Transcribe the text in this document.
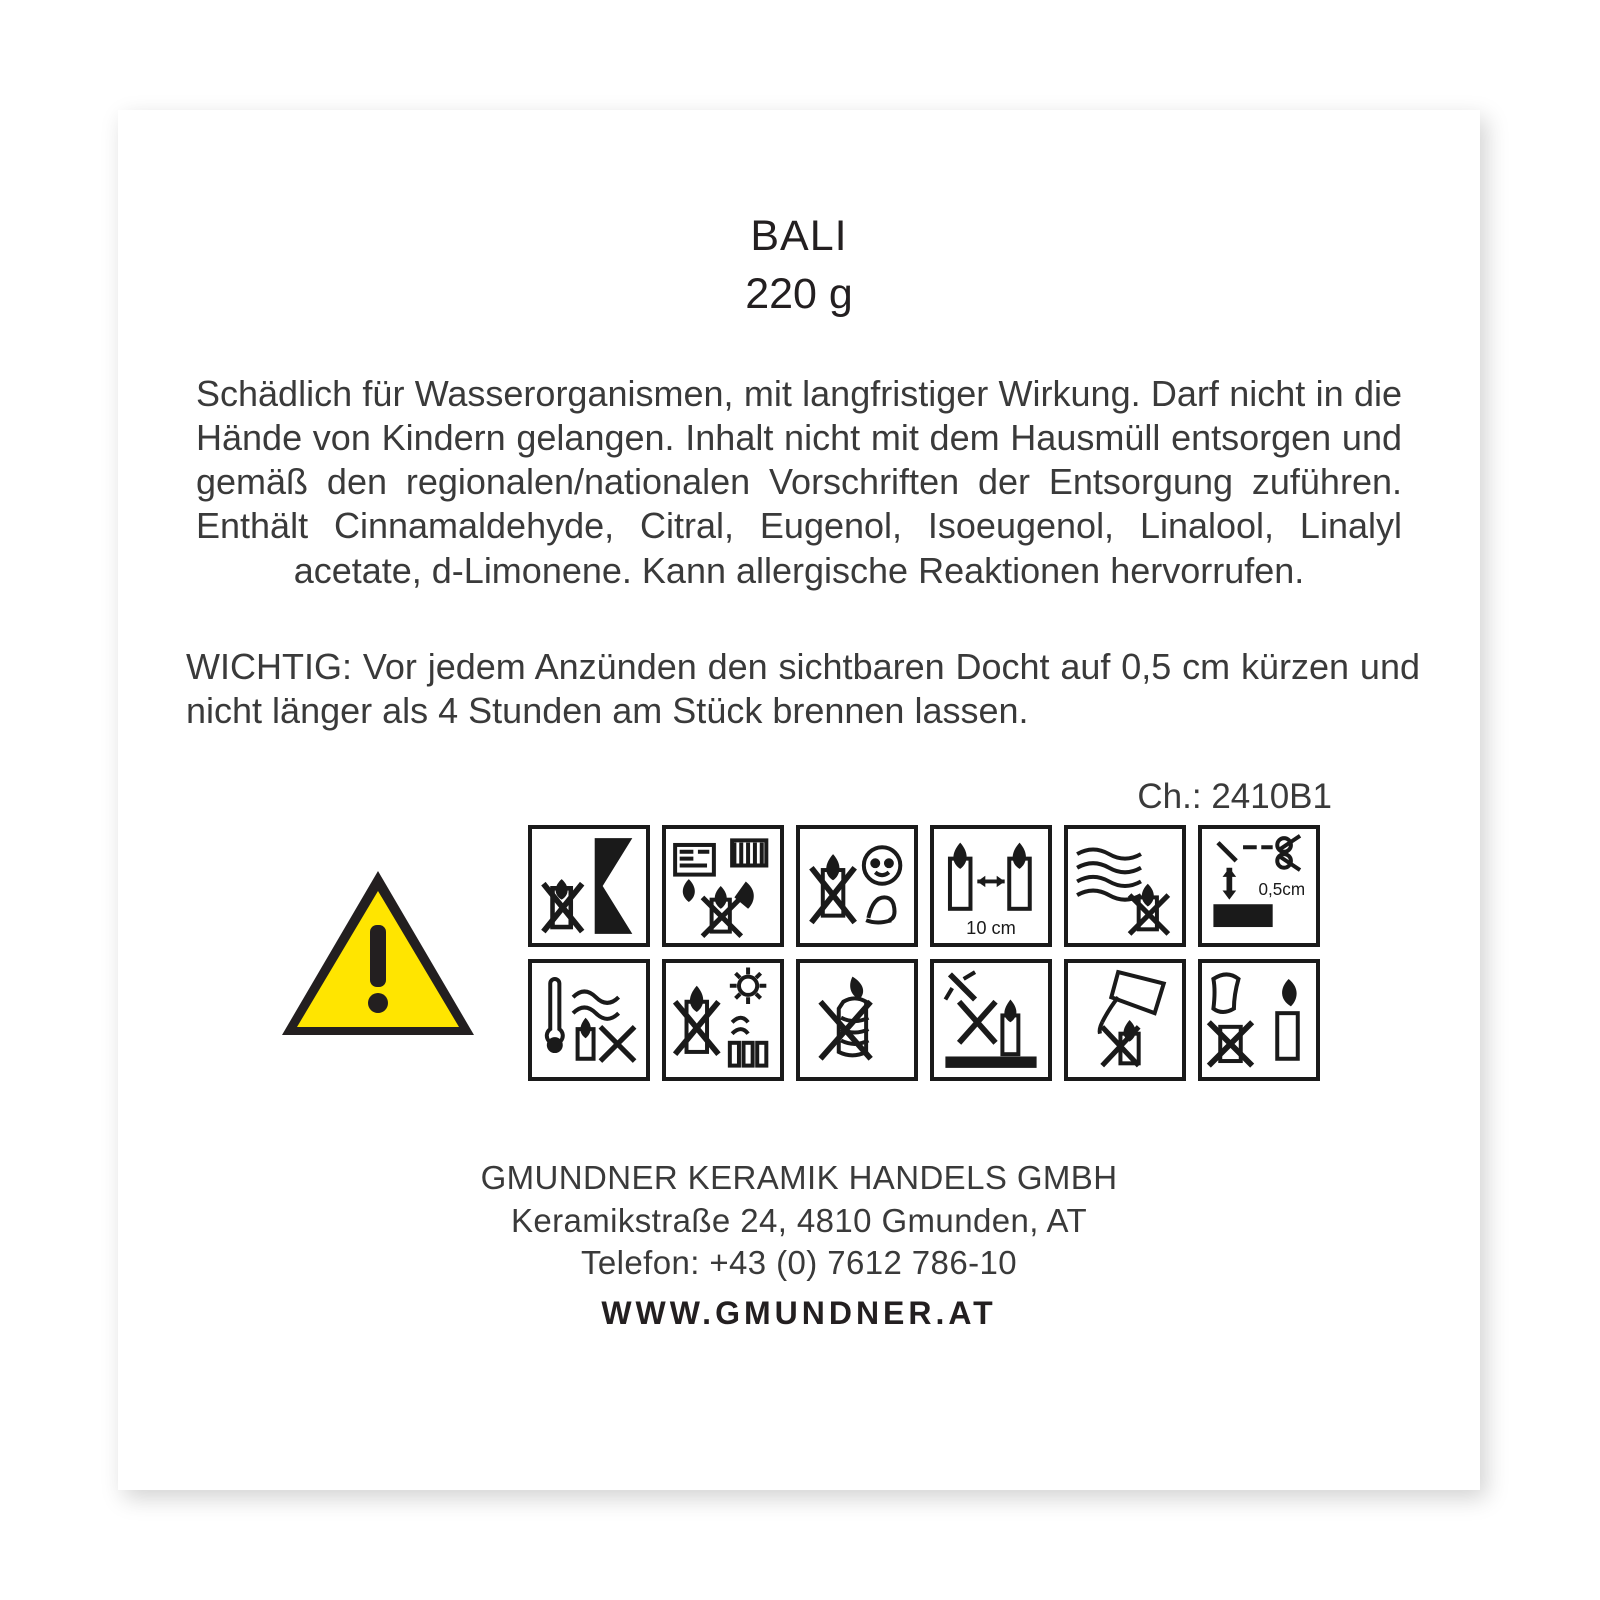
BALI
220 g
Schädlich für Wasserorganismen, mit langfristiger Wirkung. Darf nicht in die Hände von Kindern gelangen. Inhalt nicht mit dem Hausmüll entsorgen und gemäß den regionalen/nationalen Vorschriften der Entsorgung zuführen. Enthält Cinnamaldehyde, Citral, Eugenol, Isoeugenol, Linalool, Linalyl acetate, d-Limonene. Kann allergische Reaktionen hervorrufen.
WICHTIG: Vor jedem Anzünden den sichtbaren Docht auf 0,5 cm kürzen und nicht länger als 4 Stunden am Stück brennen lassen.
Ch.: 2410B1
10 cm
0,5cm
GMUNDNER KERAMIK HANDELS GMBH
Keramikstraße 24, 4810 Gmunden, AT
Telefon: +43 (0) 7612 786-10
WWW.GMUNDNER.AT
